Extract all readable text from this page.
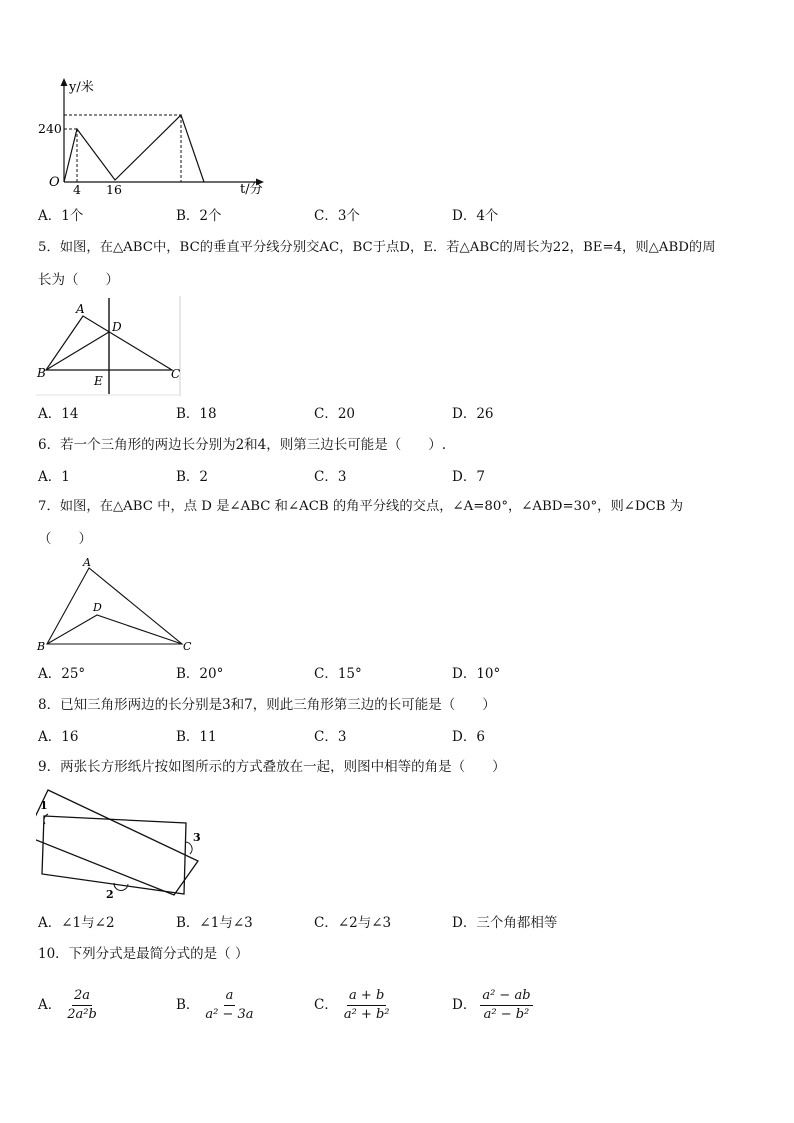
y/米
240
O 4 16	t/分
A．1个	B．2个	C．3个	D．4个
5．如图，在△ABC中，BC的垂直平分线分别交AC，BC于点D，E．若△ABC的周长为22，BE=4，则△ABD的周
长为（　　）
A
B	C
D
E
A．14	B．18	C．20	D．26
6．若一个三角形的两边长分别为2和4，则第三边长可能是（　　）.
A．1	B．2	C．3	D．7
7．如图，在△ABC 中，点 D 是∠ABC 和∠ACB 的角平分线的交点，∠A=80°，∠ABD=30°，则∠DCB 为
（　　）
A
B	C
D
A．25°	B．20°	C．15°	D．10°
8．已知三角形两边的长分别是3和7，则此三角形第三边的长可能是（　　）
A．16	B．11	C．3	D．6
9．两张长方形纸片按如图所示的方式叠放在一起，则图中相等的角是（　　）
1
2
3
A．∠1与∠2	B．∠1与∠3	C．∠2与∠3	D．三个角都相等
10．下列分式是最简分式的是（ ）
A． $\frac{2a}{\text{2a²b}}$	B． $\frac{a}{\text{a² − 3a}}$	C． $\frac{a + b}{\text{a² + b²}}$	D． $\frac{\text{a² − ab}}{\text{a² − b²}}$
